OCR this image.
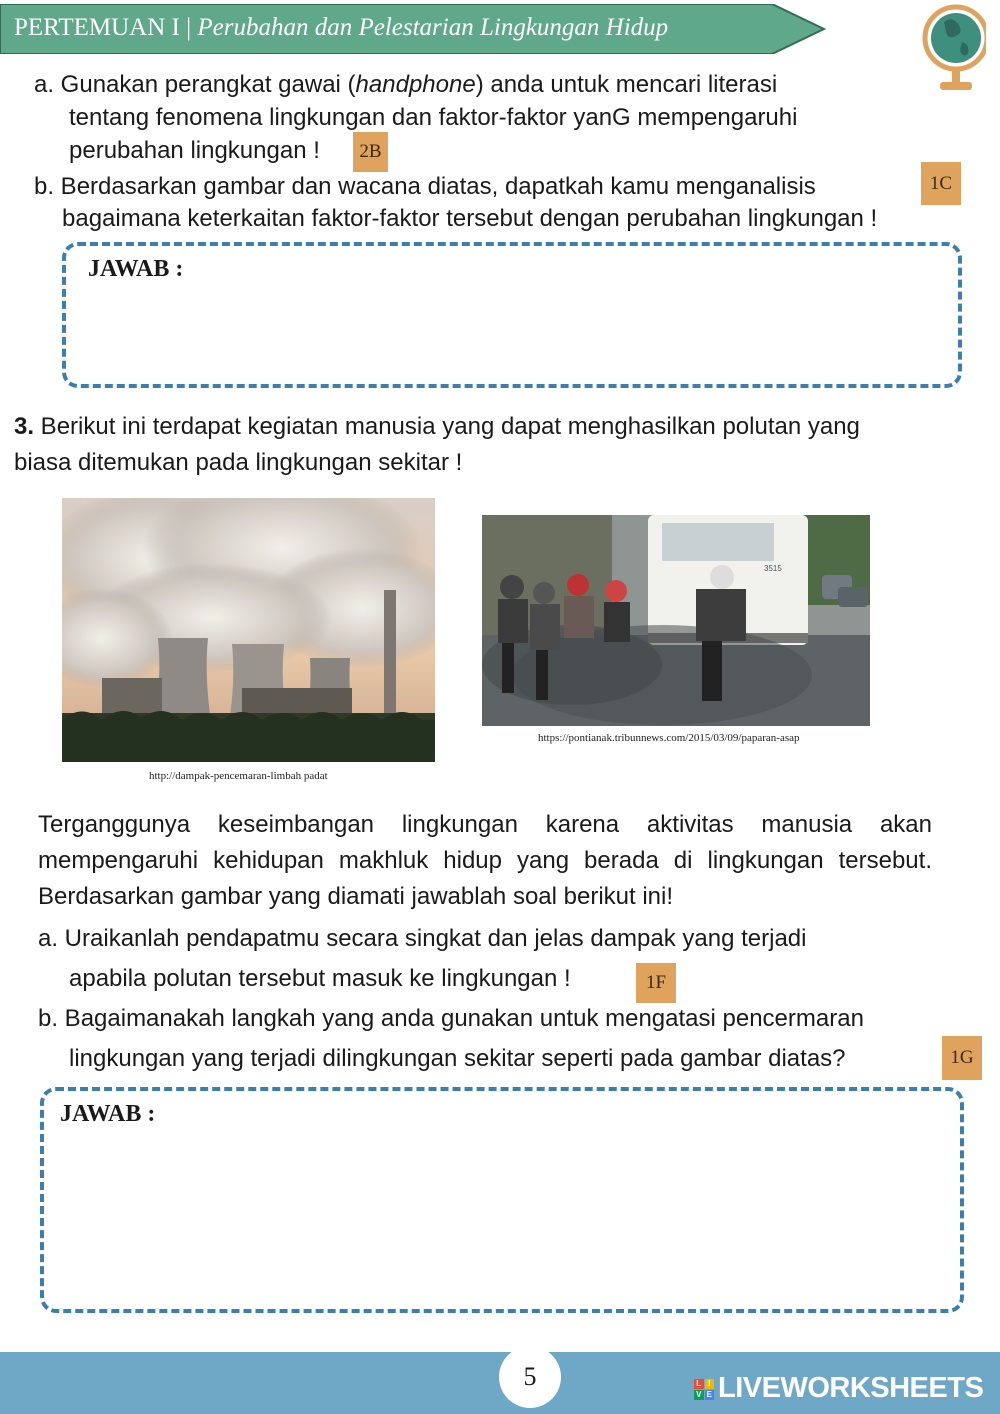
PERTEMUAN I | Perubahan dan Pelestarian Lingkungan Hidup
a. Gunakan perangkat gawai (handphone) anda untuk mencari literasi
tentang fenomena lingkungan dan faktor-faktor yanG mempengaruhi
perubahan lingkungan !	2B
b. Berdasarkan gambar dan wacana diatas, dapatkah kamu menganalisis	1C
bagaimana keterkaitan faktor-faktor tersebut dengan perubahan lingkungan !
JAWAB :
3. Berikut ini terdapat kegiatan manusia yang dapat menghasilkan polutan yang
biasa ditemukan pada lingkungan sekitar !
http://dampak-pencemaran-limbah padat
3515
https://pontianak.tribunnews.com/2015/03/09/paparan-asap
Terganggunya keseimbangan lingkungan karena aktivitas manusia akan mempengaruhi kehidupan makhluk hidup yang berada di lingkungan tersebut. Berdasarkan gambar yang diamati jawablah soal berikut ini!
a. Uraikanlah pendapatmu secara singkat dan jelas dampak yang terjadi
apabila polutan tersebut masuk ke lingkungan !	1F
b. Bagaimanakah langkah yang anda gunakan untuk mengatasi pencermaran
lingkungan yang terjadi dilingkungan sekitar seperti pada gambar diatas?	1G
JAWAB :
5	L I
V E LIVEWORKSHEETS
